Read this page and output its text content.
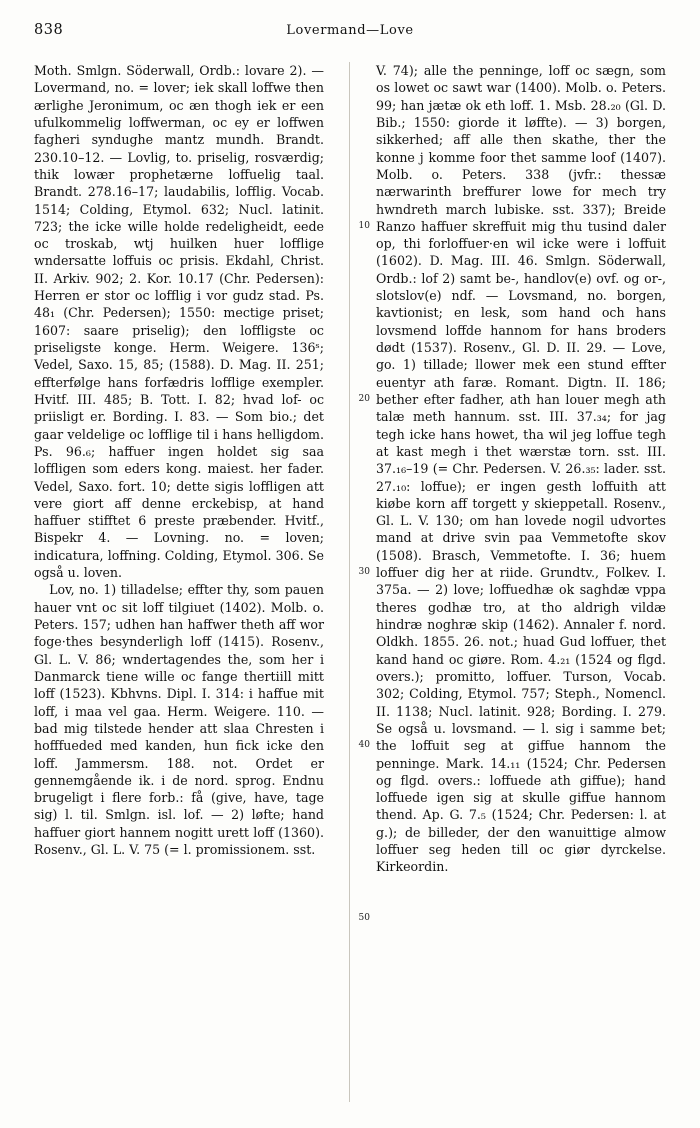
838	Lovermand—Love

Moth. Smlgn. Söderwall, Ordb.: lovare 2). — Lovermand, no. = lover; iek skall loffwe then ærlighe Jeronimum, oc æn thogh iek er een ufulkommelig loffwerman, oc ey er loffwen fagheri syndughe mantz mundh. Brandt. 230.10–12. — Lovlig, to. priselig, rosværdig; thik lowær prophetærne loffuelig taal. Brandt. 278.16–17; laudabilis, lofflig. Vocab. 1514; Colding, Etymol. 632; Nucl. latinit. 723; the icke wille holde redeligheidt, eede oc troskab, wtj huilken huer lofflige wndersatte loffuis oc prisis. Ekdahl, Christ. II. Arkiv. 902; 2. Kor. 10.17 (Chr. Pedersen): Herren er stor oc lofflig i vor gudz stad. Ps. 48₁ (Chr. Pedersen); 1550: mectige priset; 1607: saare priselig); den loffligste oc priseligste konge. Herm. Weigere. 136ˢ; Vedel, Saxo. 15, 85; (1588). D. Mag. II. 251; effterfølge hans forfædris lofflige exempler. Hvitf. III. 485; B. Tott. I. 82; hvad lof- oc priisligt er. Bording. I. 83. — Som bio.; det gaar veldelige oc lofflige til i hans helligdom. Ps. 96.₆; haffuer ingen holdet sig saa loffligen som eders kong. maiest. her fader. Vedel, Saxo. fort. 10; dette sigis loffligen att vere giort aff denne erckebisp, at hand haffuer stifftet 6 preste præbender. Hvitf., Bispekr 4. — Lovning. no. = loven; indicatura, loffning. Colding, Etymol. 306. Se også u. loven.

Lov, no. 1) tilladelse; effter thy, som pauen hauer vnt oc sit loff tilgiuet (1402). Molb. o. Peters. 157; udhen han haffwer theth aff wor foge·thes besynderligh loff (1415). Rosenv., Gl. L. V. 86; wndertagendes the, som her i Danmarck tiene wille oc fange thertiill mitt loff (1523). Kbhvns. Dipl. I. 314: i haffue mit loff, i maa vel gaa. Herm. Weigere. 110. — bad mig tilstede hender att slaa Chresten i hofffueded med kanden, hun fick icke den loff. Jammersm. 188. not. Ordet er gennemgående ik. i de nord. sprog. Endnu brugeligt i flere forb.: få (give, have, tage sig) l. til. Smlgn. isl. lof. — 2) løfte; hand haffuer giort hannem nogitt urett loff (1360). Rosenv., Gl. L. V. 75 (= l. promissionem. sst.

10
20
30
40
50

V. 74); alle the penninge, loff oc sægn, som os lowet oc sawt war (1400). Molb. o. Peters. 99; han jætæ ok eth loff. 1. Msb. 28.₂₀ (Gl. D. Bib.; 1550: giorde it løffte). — 3) borgen, sikkerhed; aff alle then skathe, ther the konne j komme foor thet samme loof (1407). Molb. o. Peters. 338 (jvfr.: thessæ nærwarinth breffurer lowe for mech try hwndreth march lubiske. sst. 337); Breide Ranzo haffuer skreffuit mig thu tusind daler op, thi forloffuer·en wil icke were i loffuit (1602). D. Mag. III. 46. Smlgn. Söderwall, Ordb.: lof 2) samt be-, handlov(e) ovf. og or-, slotslov(e) ndf. — Lovsmand, no. borgen, kavtionist; en lesk, som hand och hans lovsmend loffde hannom for hans broders dødt (1537). Rosenv., Gl. D. II. 29. — Love, go. 1) tillade; llower mek een stund effter euentyr ath faræ. Romant. Digtn. II. 186; bether efter fadher, ath han louer megh ath talæ meth hannum. sst. III. 37.₃₄; for jag tegh icke hans howet, tha wil jeg loffue tegh at kast megh i thet wærstæ torn. sst. III. 37.₁₆–19 (= Chr. Pedersen. V. 26.₃₅: lader. sst. 27.₁₀: loffue); er ingen gesth loffuith att kiøbe korn aff torgett y skieppetall. Rosenv., Gl. L. V. 130; om han lovede nogil udvortes mand at drive svin paa Vemmetofte skov (1508). Brasch, Vemmetofte. I. 36; huem loffuer dig her at riide. Grundtv., Folkev. I. 375a. — 2) love; loffuedhæ ok saghdæ vppa theres godhæ tro, at tho aldrigh vildæ hindræ noghræ skip (1462). Annaler f. nord. Oldkh. 1855. 26. not.; huad Gud loffuer, thet kand hand oc giøre. Rom. 4.₂₁ (1524 og flgd. overs.); promitto, loffuer. Turson, Vocab. 302; Colding, Etymol. 757; Steph., Nomencl. II. 1138; Nucl. latinit. 928; Bording. I. 279. Se også u. lovsmand. — l. sig i samme bet; the loffuit seg at giffue hannom the penninge. Mark. 14.₁₁ (1524; Chr. Pedersen og flgd. overs.: loffuede ath giffue); hand loffuede igen sig at skulle giffue hannom thend. Ap. G. 7.₅ (1524; Chr. Pedersen: l. at g.); de billeder, der den wanuittige almow loffuer seg heden till oc giør dyrckelse. Kirkeordin.
